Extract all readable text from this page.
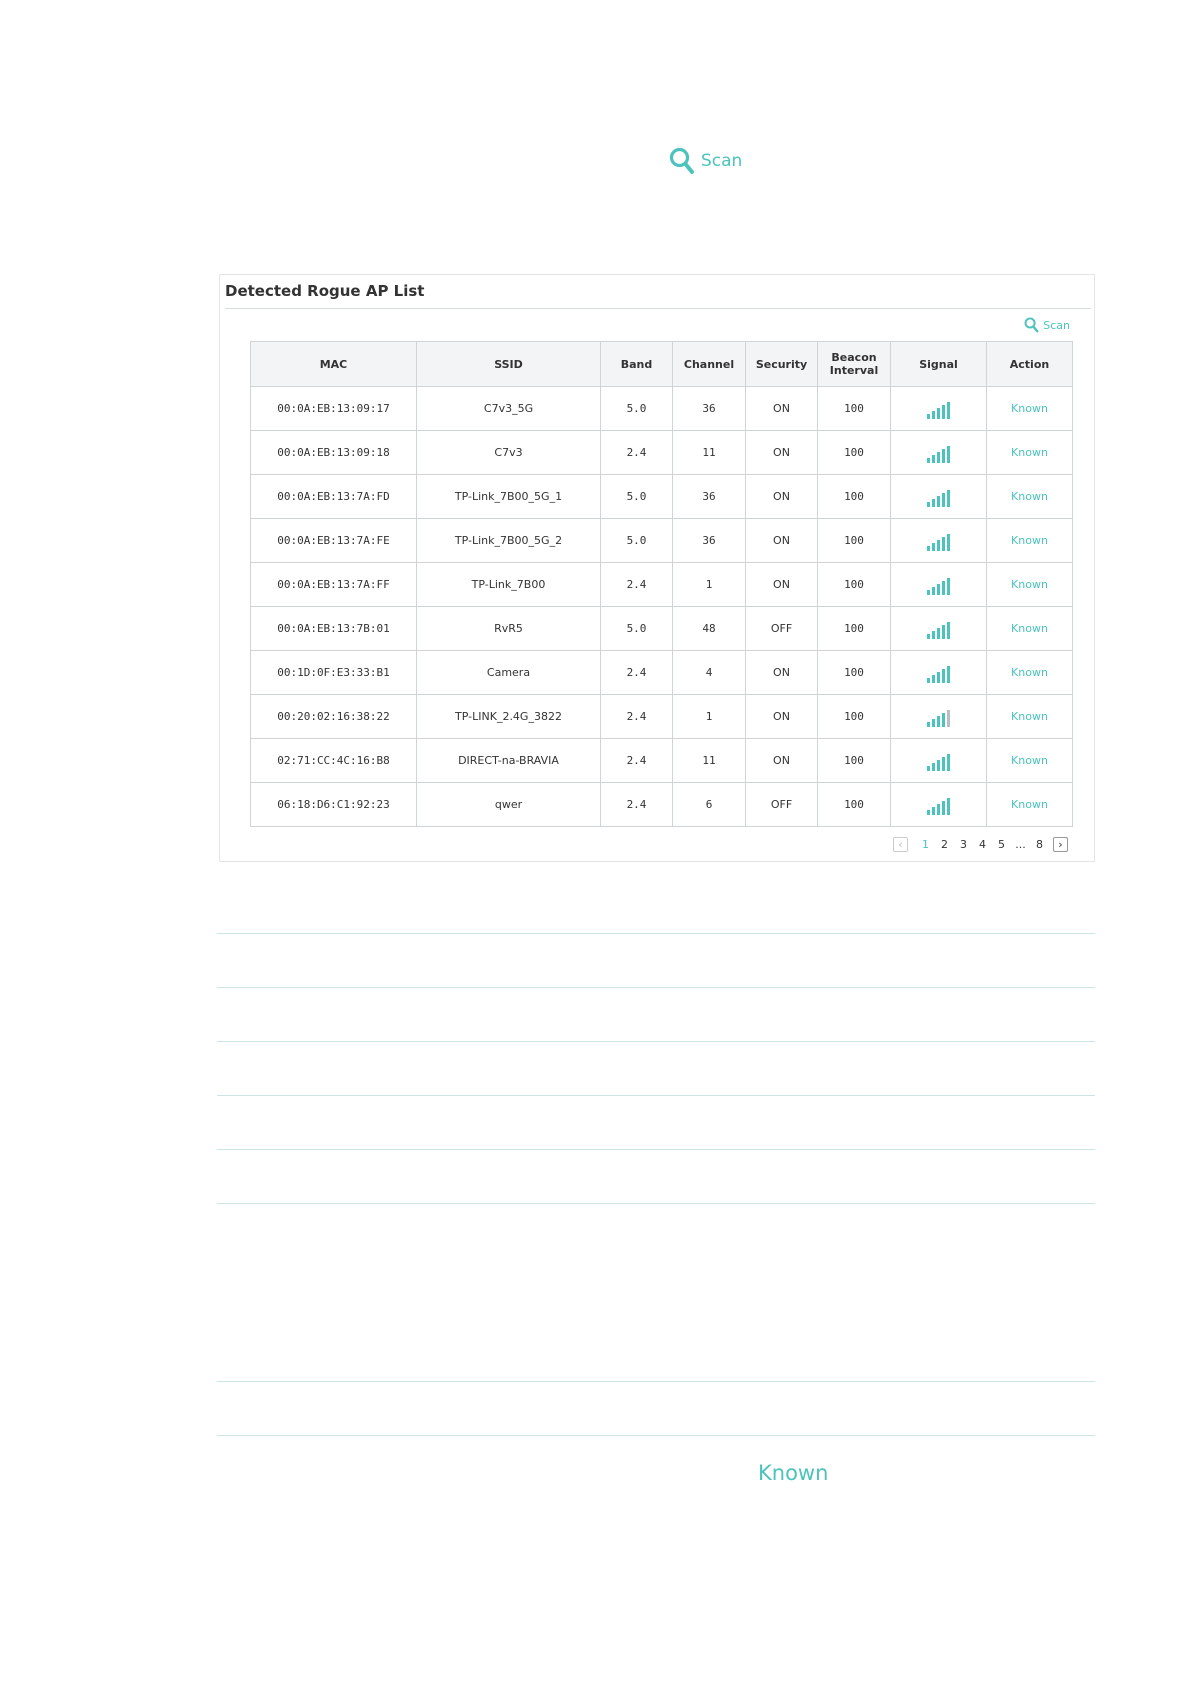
Scan
Detected Rogue AP List
Scan
MAC	SSID	Band	Channel	Security	Beacon Interval	Signal	Action
00:0A:EB:13:09:17	C7v3_5G	5.0	36	ON	100		Known
00:0A:EB:13:09:18	C7v3	2.4	11	ON	100		Known
00:0A:EB:13:7A:FD	TP-Link_7B00_5G_1	5.0	36	ON	100		Known
00:0A:EB:13:7A:FE	TP-Link_7B00_5G_2	5.0	36	ON	100		Known
00:0A:EB:13:7A:FF	TP-Link_7B00	2.4	1	ON	100		Known
00:0A:EB:13:7B:01	RvR5	5.0	48	OFF	100		Known
00:1D:0F:E3:33:B1	Camera	2.4	4	ON	100		Known
00:20:02:16:38:22	TP-LINK_2.4G_3822	2.4	1	ON	100		Known
02:71:CC:4C:16:B8	DIRECT-na-BRAVIA	2.4	11	ON	100		Known
06:18:D6:C1:92:23	qwer	2.4	6	OFF	100		Known
‹	1	2	3	4	5 ... 8	›
Known
